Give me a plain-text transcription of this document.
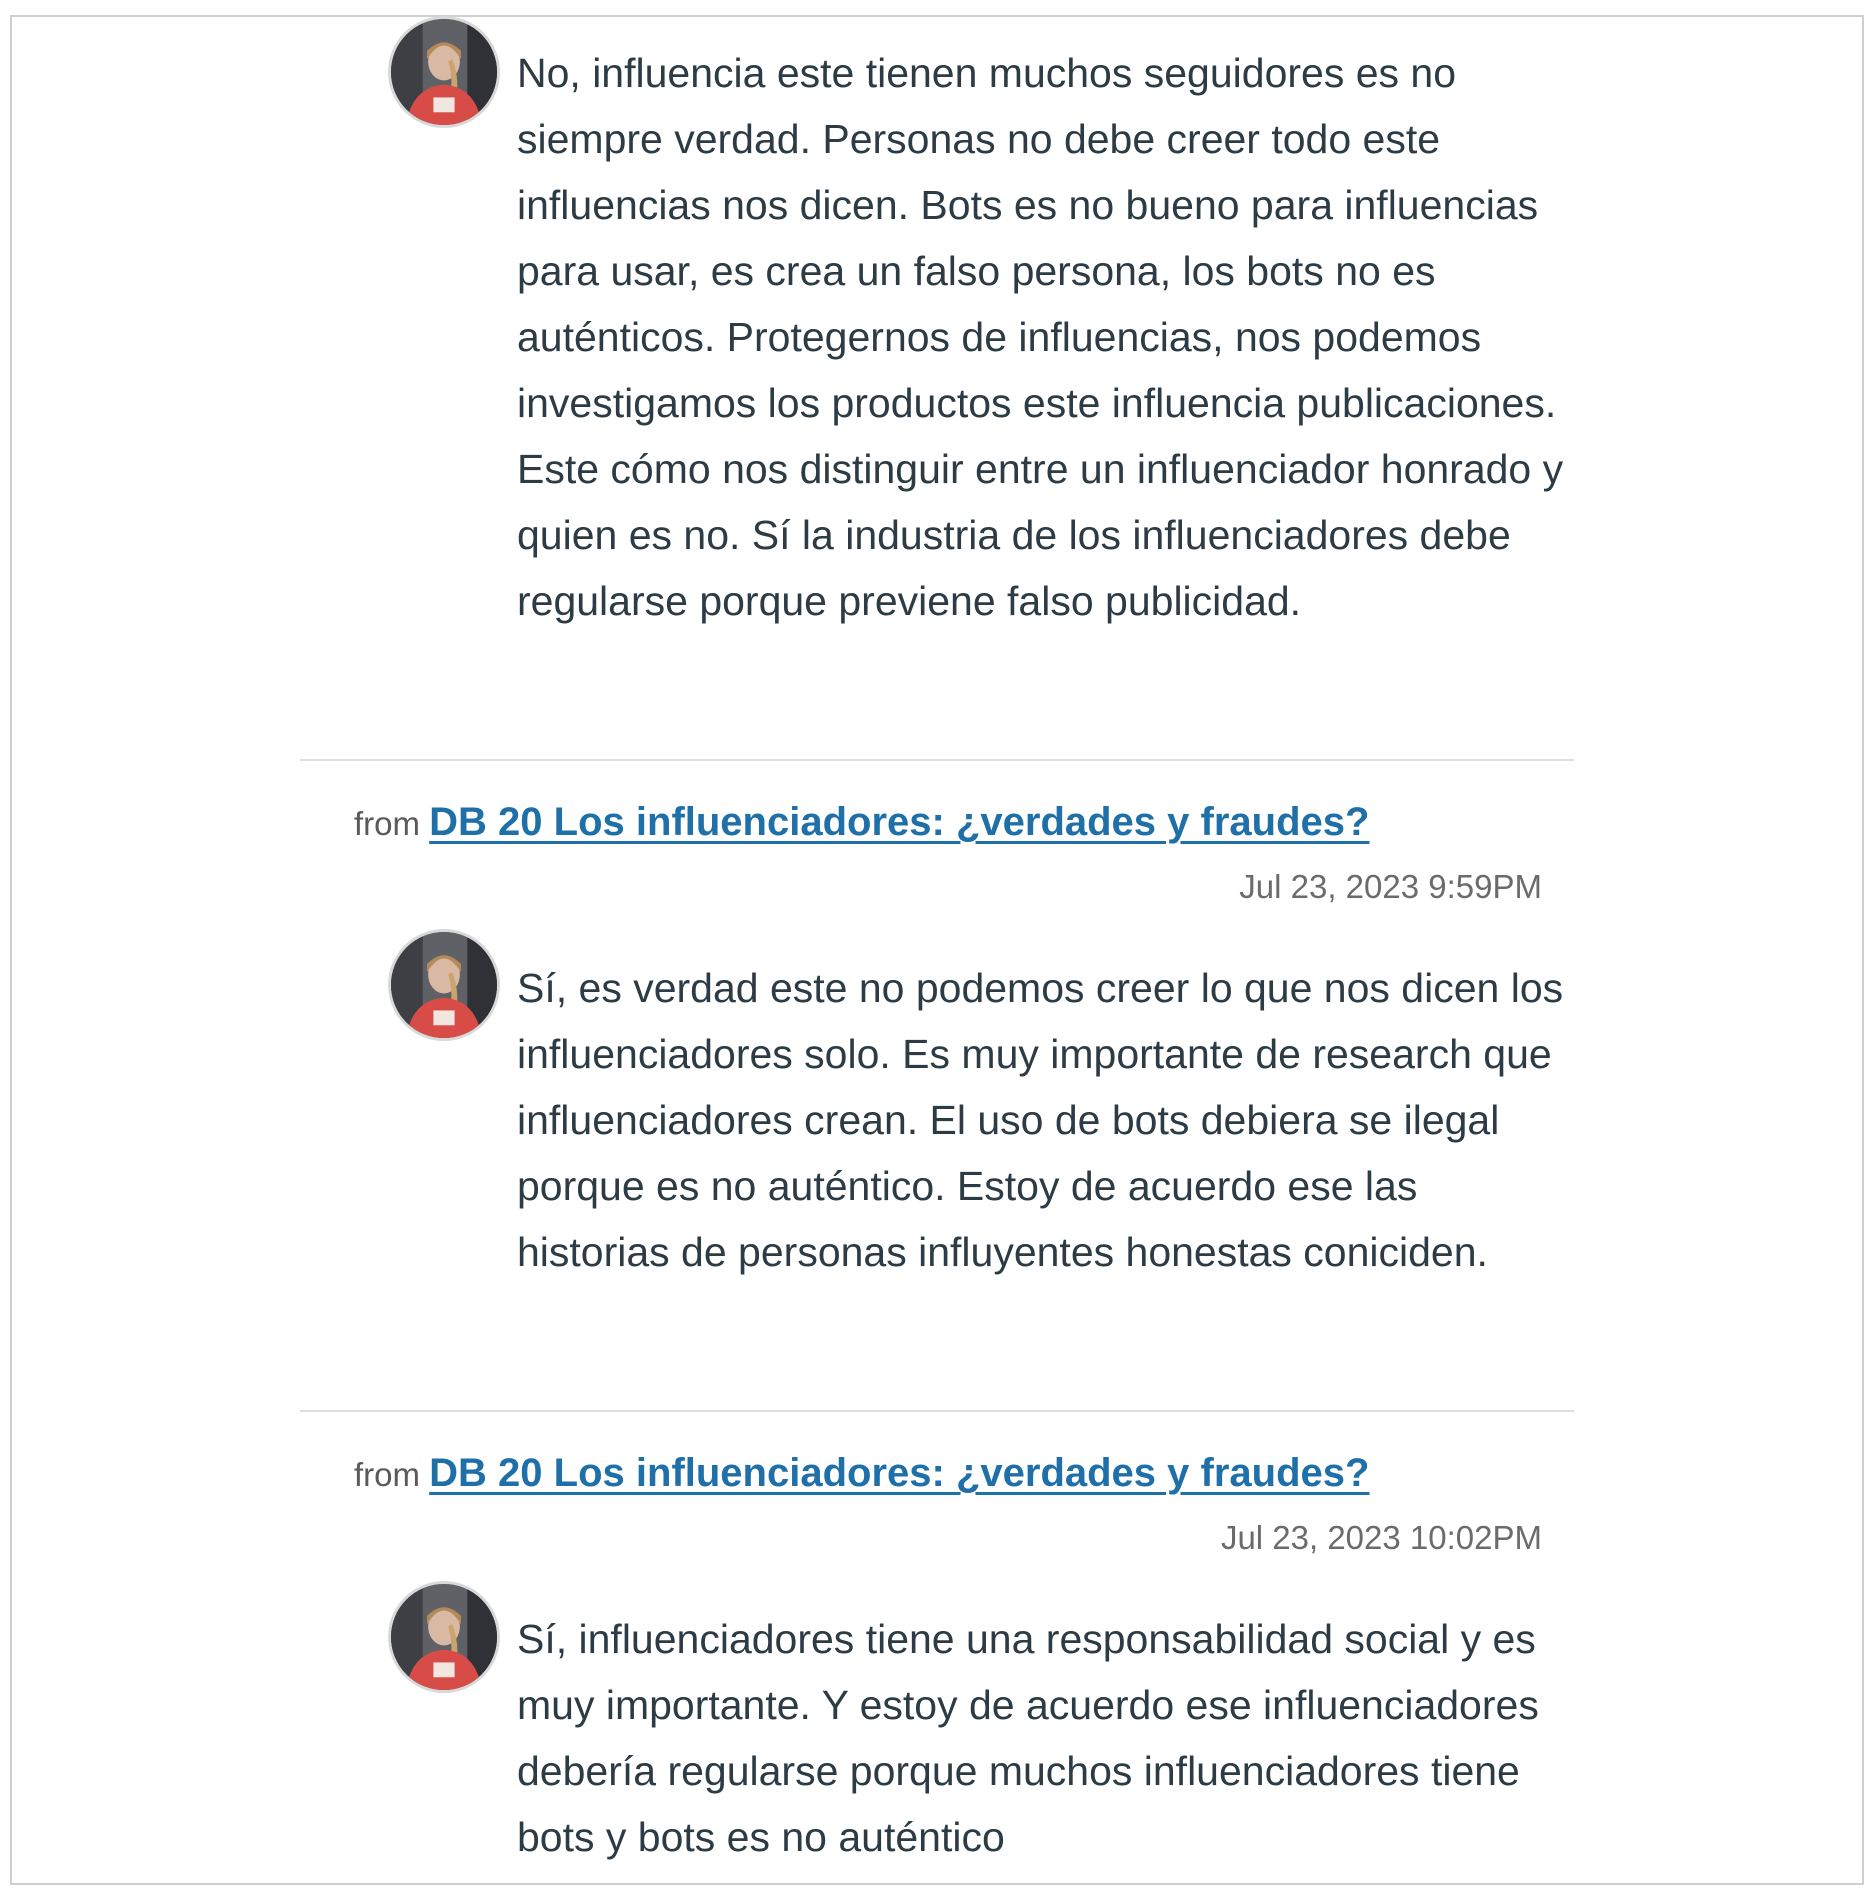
No, influencia este tienen muchos seguidores es no siempre verdad. Personas no debe creer todo este influencias nos dicen. Bots es no bueno para influencias para usar, es crea un falso persona, los bots no es auténticos. Protegernos de influencias, nos podemos investigamos los productos este influencia publicaciones. Este cómo nos distinguir entre un influenciador honrado y quien es no. Sí la industria de los influenciadores debe regularse porque previene falso publicidad.

from DB 20 Los influenciadores: ¿verdades y fraudes?
Jul 23, 2023 9:59PM

Sí, es verdad este no podemos creer lo que nos dicen los influenciadores solo. Es muy importante de research que influenciadores crean. El uso de bots debiera se ilegal porque es no auténtico. Estoy de acuerdo ese las historias de personas influyentes honestas coniciden.

from DB 20 Los influenciadores: ¿verdades y fraudes?
Jul 23, 2023 10:02PM

Sí, influenciadores tiene una responsabilidad social y es muy importante. Y estoy de acuerdo ese influenciadores debería regularse porque muchos influenciadores tiene bots y bots es no auténtico
